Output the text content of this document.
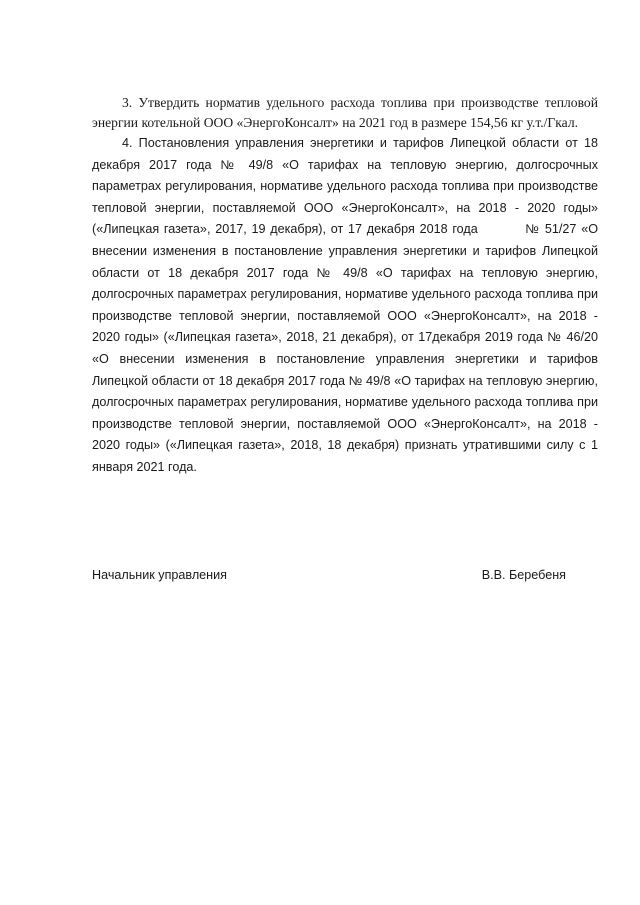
3. Утвердить норматив удельного расхода топлива при производстве тепловой энергии котельной ООО «ЭнергоКонсалт» на 2021 год в размере 154,56 кг у.т./Гкал.

4. Постановления управления энергетики и тарифов Липецкой области от 18 декабря 2017 года № 49/8 «О тарифах на тепловую энергию, долгосрочных параметрах регулирования, нормативе удельного расхода топлива при производстве тепловой энергии, поставляемой ООО «ЭнергоКонсалт», на 2018 - 2020 годы» («Липецкая газета», 2017, 19 декабря), от 17 декабря 2018 года          № 51/27 «О внесении изменения в постановление управления энергетики и тарифов Липецкой области от 18 декабря 2017 года № 49/8 «О тарифах на тепловую энергию, долгосрочных параметрах регулирования, нормативе удельного расхода топлива при производстве тепловой энергии, поставляемой ООО «ЭнергоКонсалт», на 2018 - 2020 годы» («Липецкая газета», 2018, 21 декабря), от 17декабря 2019 года № 46/20 «О внесении изменения в постановление управления энергетики и тарифов Липецкой области от 18 декабря 2017 года № 49/8 «О тарифах на тепловую энергию, долгосрочных параметрах регулирования, нормативе удельного расхода топлива при производстве тепловой энергии, поставляемой ООО «ЭнергоКонсалт», на 2018 - 2020 годы» («Липецкая газета», 2018, 18 декабря) признать утратившими силу с 1 января 2021 года.

Начальник управления	В.В. Беребеня
